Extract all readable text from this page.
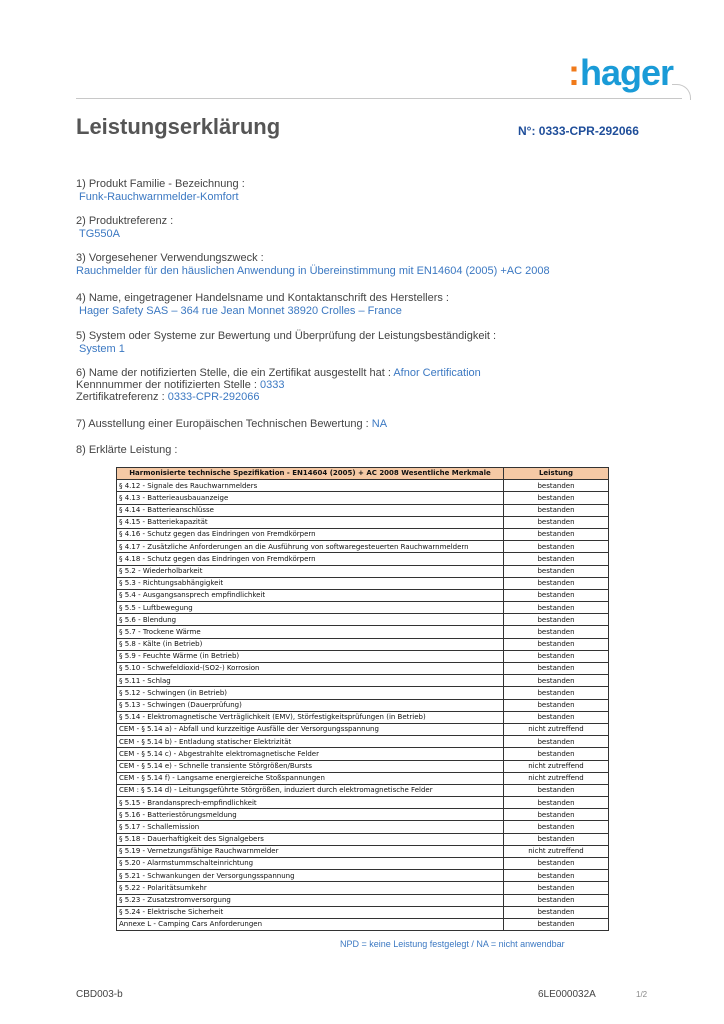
:hager
Leistungserklärung	N°: 0333-CPR-292066
1) Produkt Familie - Bezeichnung :
Funk-Rauchwarnmelder-Komfort
2) Produktreferenz :
TG550A
3) Vorgesehener Verwendungszweck :
Rauchmelder für den häuslichen Anwendung in Übereinstimmung mit EN14604 (2005) +AC 2008
4) Name, eingetragener Handelsname und Kontaktanschrift des Herstellers :
Hager Safety SAS – 364 rue Jean Monnet 38920 Crolles – France
5) System oder Systeme zur Bewertung und Überprüfung der Leistungsbeständigkeit :
System 1
6) Name der notifizierten Stelle, die ein Zertifikat ausgestellt hat : Afnor Certification
Kennnummer der notifizierten Stelle : 0333
Zertifikatreferenz : 0333-CPR-292066
7) Ausstellung einer Europäischen Technischen Bewertung : NA
8) Erklärte Leistung :
Harmonisierte technische Spezifikation - EN14604 (2005) + AC 2008 Wesentliche Merkmale	Leistung
§ 4.12 - Signale des Rauchwarnmelders	bestanden
§ 4.13 - Batterieausbauanzeige	bestanden
§ 4.14 - Batterieanschlüsse	bestanden
§ 4.15 - Batteriekapazität	bestanden
§ 4.16 - Schutz gegen das Eindringen von Fremdkörpern	bestanden
§ 4.17 - Zusätzliche Anforderungen an die Ausführung von softwaregesteuerten Rauchwarnmeldern	bestanden
§ 4.18 - Schutz gegen das Eindringen von Fremdkörpern	bestanden
§ 5.2 - Wiederholbarkeit	bestanden
§ 5.3 - Richtungsabhängigkeit	bestanden
§ 5.4 - Ausgangsansprech empfindlichkeit	bestanden
§ 5.5 - Luftbewegung	bestanden
§ 5.6 - Blendung	bestanden
§ 5.7 - Trockene Wärme	bestanden
§ 5.8 - Kälte (in Betrieb)	bestanden
§ 5.9 - Feuchte Wärme (in Betrieb)	bestanden
§ 5.10 - Schwefeldioxid-(SO2-) Korrosion	bestanden
§ 5.11 - Schlag	bestanden
§ 5.12 - Schwingen (in Betrieb)	bestanden
§ 5.13 - Schwingen (Dauerprüfung)	bestanden
§ 5.14 - Elektromagnetische Verträglichkeit (EMV), Störfestigkeitsprüfungen (in Betrieb)	bestanden
CEM - § 5.14 a) - Abfall und kurzzeitige Ausfälle der Versorgungsspannung	nicht zutreffend
CEM - § 5.14 b) - Entladung statischer Elektrizität	bestanden
CEM - § 5.14 c) - Abgestrahlte elektromagnetische Felder	bestanden
CEM - § 5.14 e) - Schnelle transiente Störgrößen/Bursts	nicht zutreffend
CEM - § 5.14 f) - Langsame energiereiche Stoßspannungen	nicht zutreffend
CEM : § 5.14 d) - Leitungsgeführte Störgrößen, induziert durch elektromagnetische Felder	bestanden
§ 5.15 - Brandansprech-empfindlichkeit	bestanden
§ 5.16 - Batteriestörungsmeldung	bestanden
§ 5.17 - Schallemission	bestanden
§ 5.18 - Dauerhaftigkeit des Signalgebers	bestanden
§ 5.19 - Vernetzungsfähige Rauchwarnmelder	nicht zutreffend
§ 5.20 - Alarmstummschalteinrichtung	bestanden
§ 5.21 - Schwankungen der Versorgungsspannung	bestanden
§ 5.22 - Polaritätsumkehr	bestanden
§ 5.23 - Zusatzstromversorgung	bestanden
§ 5.24 - Elektrische Sicherheit	bestanden
Annexe L - Camping Cars Anforderungen	bestanden
NPD = keine Leistung festgelegt / NA = nicht anwendbar
CBD003-b	6LE000032A	1/2
